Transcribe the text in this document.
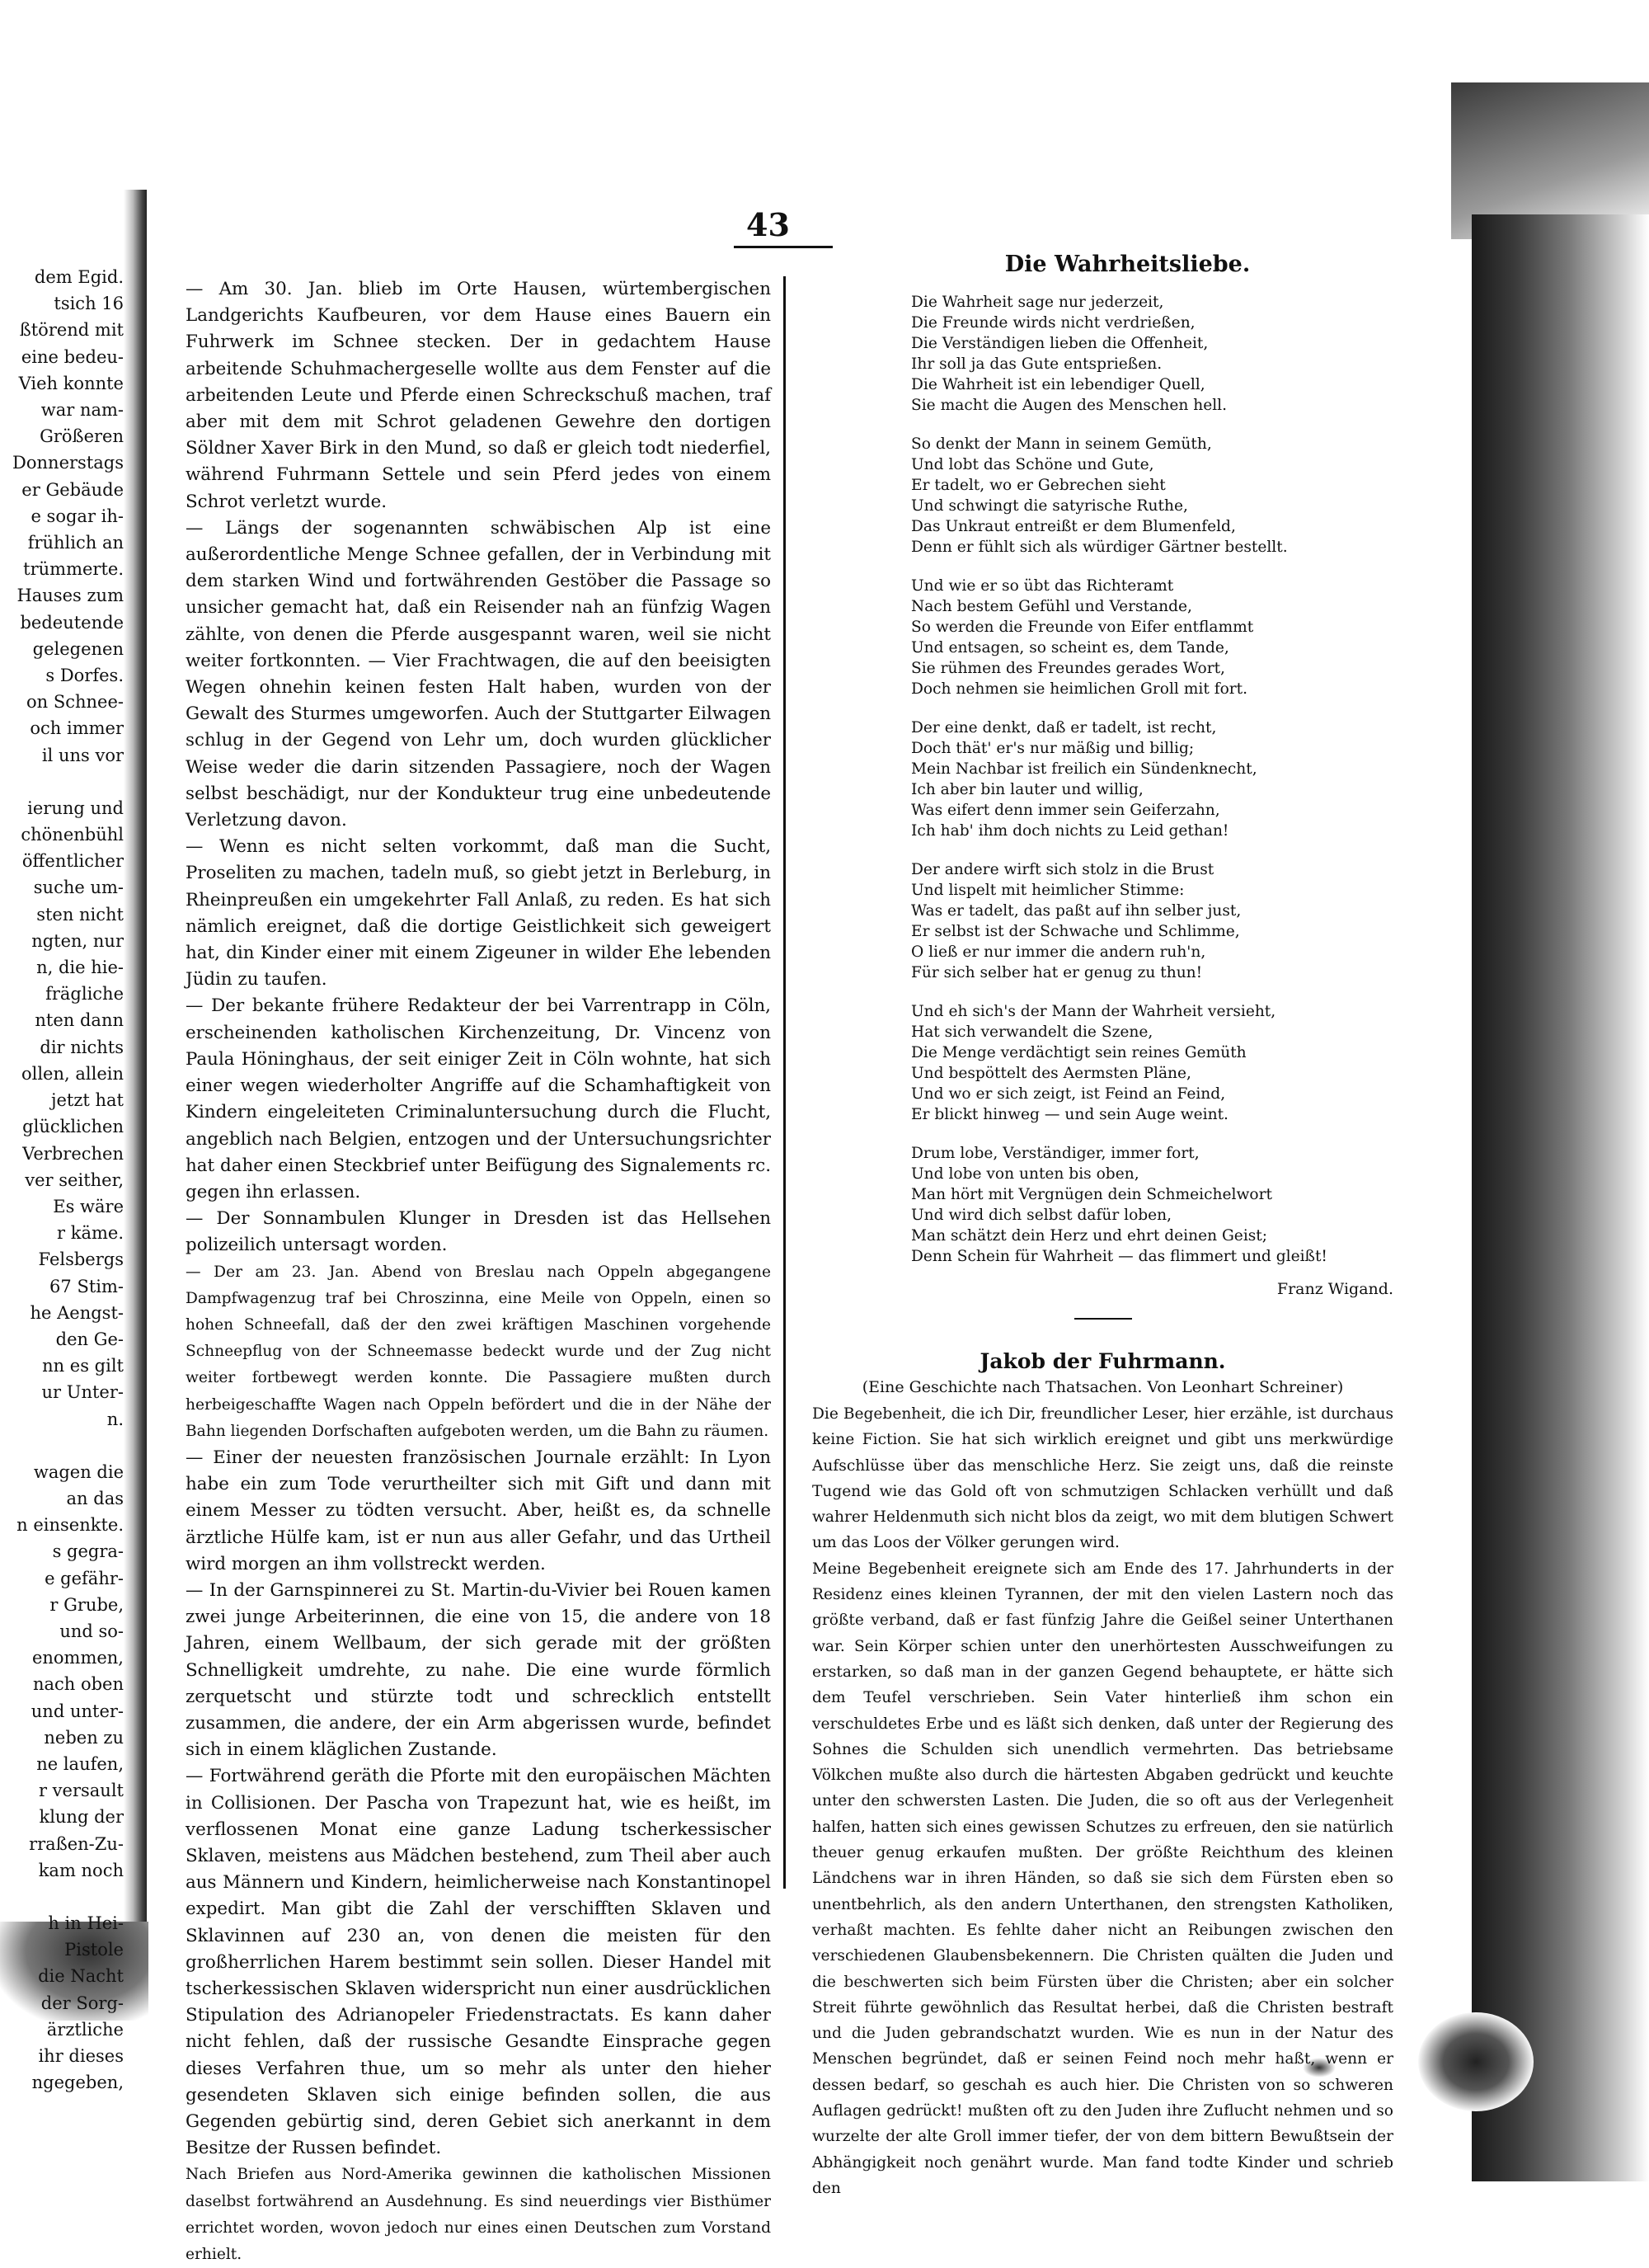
dem Egid.
tsich 16
ßtörend mit
eine bedeu-
Vieh konnte
war nam-
Größeren
Donnerstags
er Gebäude
e sogar ih-
frühlich an
trümmerte.
Hauses zum
bedeutende
gelegenen
s Dorfes.
on Schnee-
och immer
il uns vor
ierung und
chönenbühl
öffentlicher
suche um-
sten nicht
ngten, nur
n, die hie-
frägliche
nten dann
dir nichts
ollen, allein
jetzt hat
glücklichen
Verbrechen
ver seither,
Es wäre
r käme.
Felsbergs
67 Stim-
he Aengst-
den Ge-
nn es gilt
ur Unter-
n.
wagen die
an das
n einsenkte.
s gegra-
e gefähr-
r Grube,
und so-
enommen,
nach oben
und unter-
neben zu
ne laufen,
r versault
klung der
rraßen-Zu-
kam noch
h in Hei-
Pistole
die Nacht
der Sorg-
ärztliche
ihr dieses
ngegeben,
43

— Am 30. Jan. blieb im Orte Hausen, würtembergischen Landgerichts Kaufbeuren, vor dem Hause eines Bauern ein Fuhrwerk im Schnee stecken. Der in gedachtem Hause arbeitende Schuhmachergeselle wollte aus dem Fenster auf die arbeitenden Leute und Pferde einen Schreckschuß machen, traf aber mit dem mit Schrot geladenen Gewehre den dortigen Söldner Xaver Birk in den Mund, so daß er gleich todt niederfiel, während Fuhrmann Settele und sein Pferd jedes von einem Schrot verletzt wurde.

— Längs der sogenannten schwäbischen Alp ist eine außerordentliche Menge Schnee gefallen, der in Verbindung mit dem starken Wind und fortwährenden Gestöber die Passage so unsicher gemacht hat, daß ein Reisender nah an fünfzig Wagen zählte, von denen die Pferde ausgespannt waren, weil sie nicht weiter fortkonnten. — Vier Frachtwagen, die auf den beeisigten Wegen ohnehin keinen festen Halt haben, wurden von der Gewalt des Sturmes umgeworfen. Auch der Stuttgarter Eilwagen schlug in der Gegend von Lehr um, doch wurden glücklicher Weise weder die darin sitzenden Passagiere, noch der Wagen selbst beschädigt, nur der Kondukteur trug eine unbedeutende Verletzung davon.

— Wenn es nicht selten vorkommt, daß man die Sucht, Proseliten zu machen, tadeln muß, so giebt jetzt in Berleburg, in Rheinpreußen ein umgekehrter Fall Anlaß, zu reden. Es hat sich nämlich ereignet, daß die dortige Geistlichkeit sich geweigert hat, din Kinder einer mit einem Zigeuner in wilder Ehe lebenden Jüdin zu taufen.

— Der bekante frühere Redakteur der bei Varrentrapp in Cöln, erscheinenden katholischen Kirchenzeitung, Dr. Vincenz von Paula Höninghaus, der seit einiger Zeit in Cöln wohnte, hat sich einer wegen wiederholter Angriffe auf die Schamhaftigkeit von Kindern eingeleiteten Criminaluntersuchung durch die Flucht, angeblich nach Belgien, entzogen und der Untersuchungsrichter hat daher einen Steckbrief unter Beifügung des Signalements rc. gegen ihn erlassen.

— Der Sonnambulen Klunger in Dresden ist das Hellsehen polizeilich untersagt worden.

— Der am 23. Jan. Abend von Breslau nach Oppeln abgegangene Dampfwagenzug traf bei Chroszinna, eine Meile von Oppeln, einen so hohen Schneefall, daß der den zwei kräftigen Maschinen vorgehende Schneepflug von der Schneemasse bedeckt wurde und der Zug nicht weiter fortbewegt werden konnte. Die Passagiere mußten durch herbeigeschaffte Wagen nach Oppeln befördert und die in der Nähe der Bahn liegenden Dorfschaften aufgeboten werden, um die Bahn zu räumen.

— Einer der neuesten französischen Journale erzählt: In Lyon habe ein zum Tode verurtheilter sich mit Gift und dann mit einem Messer zu tödten versucht. Aber, heißt es, da schnelle ärztliche Hülfe kam, ist er nun aus aller Gefahr, und das Urtheil wird morgen an ihm vollstreckt werden.

— In der Garnspinnerei zu St. Martin-du-Vivier bei Rouen kamen zwei junge Arbeiterinnen, die eine von 15, die andere von 18 Jahren, einem Wellbaum, der sich gerade mit der größten Schnelligkeit umdrehte, zu nahe. Die eine wurde förmlich zerquetscht und stürzte todt und schrecklich entstellt zusammen, die andere, der ein Arm abgerissen wurde, befindet sich in einem kläglichen Zustande.

— Fortwährend geräth die Pforte mit den europäischen Mächten in Collisionen. Der Pascha von Trapezunt hat, wie es heißt, im verflossenen Monat eine ganze Ladung tscherkessischer Sklaven, meistens aus Mädchen bestehend, zum Theil aber auch aus Männern und Kindern, heimlicherweise nach Konstantinopel expedirt. Man gibt die Zahl der verschifften Sklaven und Sklavinnen auf 230 an, von denen die meisten für den großherrlichen Harem bestimmt sein sollen. Dieser Handel mit tscherkessischen Sklaven widerspricht nun einer ausdrücklichen Stipulation des Adrianopeler Friedenstractats. Es kann daher nicht fehlen, daß der russische Gesandte Einsprache gegen dieses Verfahren thue, um so mehr als unter den hieher gesendeten Sklaven sich einige befinden sollen, die aus Gegenden gebürtig sind, deren Gebiet sich anerkannt in dem Besitze der Russen befindet.

Nach Briefen aus Nord-Amerika gewinnen die katholischen Missionen daselbst fortwährend an Ausdehnung. Es sind neuerdings vier Bisthümer errichtet worden, wovon jedoch nur eines einen Deutschen zum Vorstand erhielt.

Die Wahrheitsliebe.
Die Wahrheit sage nur jederzeit,
Die Freunde wirds nicht verdrießen,
Die Verständigen lieben die Offenheit,
Ihr soll ja das Gute entsprießen.
Die Wahrheit ist ein lebendiger Quell,
Sie macht die Augen des Menschen hell.
So denkt der Mann in seinem Gemüth,
Und lobt das Schöne und Gute,
Er tadelt, wo er Gebrechen sieht
Und schwingt die satyrische Ruthe,
Das Unkraut entreißt er dem Blumenfeld,
Denn er fühlt sich als würdiger Gärtner bestellt.
Und wie er so übt das Richteramt
Nach bestem Gefühl und Verstande,
So werden die Freunde von Eifer entflammt
Und entsagen, so scheint es, dem Tande,
Sie rühmen des Freundes gerades Wort,
Doch nehmen sie heimlichen Groll mit fort.
Der eine denkt, daß er tadelt, ist recht,
Doch thät' er's nur mäßig und billig;
Mein Nachbar ist freilich ein Sündenknecht,
Ich aber bin lauter und willig,
Was eifert denn immer sein Geiferzahn,
Ich hab' ihm doch nichts zu Leid gethan!
Der andere wirft sich stolz in die Brust
Und lispelt mit heimlicher Stimme:
Was er tadelt, das paßt auf ihn selber just,
Er selbst ist der Schwache und Schlimme,
O ließ er nur immer die andern ruh'n,
Für sich selber hat er genug zu thun!
Und eh sich's der Mann der Wahrheit versieht,
Hat sich verwandelt die Szene,
Die Menge verdächtigt sein reines Gemüth
Und bespöttelt des Aermsten Pläne,
Und wo er sich zeigt, ist Feind an Feind,
Er blickt hinweg — und sein Auge weint.
Drum lobe, Verständiger, immer fort,
Und lobe von unten bis oben,
Man hört mit Vergnügen dein Schmeichelwort
Und wird dich selbst dafür loben,
Man schätzt dein Herz und ehrt deinen Geist;
Denn Schein für Wahrheit — das flimmert und gleißt!
Franz Wigand.
Jakob der Fuhrmann.
(Eine Geschichte nach Thatsachen. Von Leonhart Schreiner)

Die Begebenheit, die ich Dir, freundlicher Leser, hier erzähle, ist durchaus keine Fiction. Sie hat sich wirklich ereignet und gibt uns merkwürdige Aufschlüsse über das menschliche Herz. Sie zeigt uns, daß die reinste Tugend wie das Gold oft von schmutzigen Schlacken verhüllt und daß wahrer Heldenmuth sich nicht blos da zeigt, wo mit dem blutigen Schwert um das Loos der Völker gerungen wird.

Meine Begebenheit ereignete sich am Ende des 17. Jahrhunderts in der Residenz eines kleinen Tyrannen, der mit den vielen Lastern noch das größte verband, daß er fast fünfzig Jahre die Geißel seiner Unterthanen war. Sein Körper schien unter den unerhörtesten Ausschweifungen zu erstarken, so daß man in der ganzen Gegend behauptete, er hätte sich dem Teufel verschrieben. Sein Vater hinterließ ihm schon ein verschuldetes Erbe und es läßt sich denken, daß unter der Regierung des Sohnes die Schulden sich unendlich vermehrten. Das betriebsame Völkchen mußte also durch die härtesten Abgaben gedrückt und keuchte unter den schwersten Lasten. Die Juden, die so oft aus der Verlegenheit halfen, hatten sich eines gewissen Schutzes zu erfreuen, den sie natürlich theuer genug erkaufen mußten. Der größte Reichthum des kleinen Ländchens war in ihren Händen, so daß sie sich dem Fürsten eben so unentbehrlich, als den andern Unterthanen, den strengsten Katholiken, verhaßt machten. Es fehlte daher nicht an Reibungen zwischen den verschiedenen Glaubensbekennern. Die Christen quälten die Juden und die beschwerten sich beim Fürsten über die Christen; aber ein solcher Streit führte gewöhnlich das Resultat herbei, daß die Christen bestraft und die Juden gebrandschatzt wurden. Wie es nun in der Natur des Menschen begründet, daß er seinen Feind noch mehr haßt, wenn er dessen bedarf, so geschah es auch hier. Die Christen von so schweren Auflagen gedrückt! mußten oft zu den Juden ihre Zuflucht nehmen und so wurzelte der alte Groll immer tiefer, der von dem bittern Bewußtsein der Abhängigkeit noch genährt wurde. Man fand todte Kinder und schrieb den
